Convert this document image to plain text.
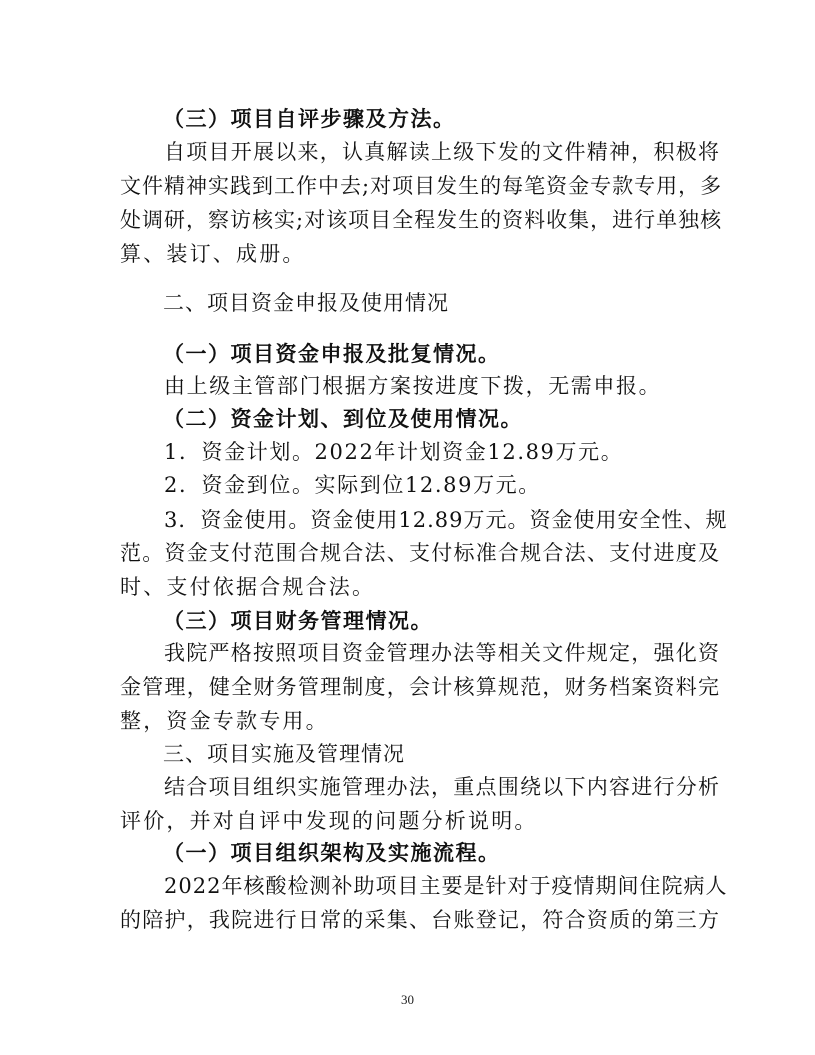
（三）项目自评步骤及方法。
自项目开展以来，认真解读上级下发的文件精神，积极将
文件精神实践到工作中去;对项目发生的每笔资金专款专用，多
处调研，察访核实;对该项目全程发生的资料收集，进行单独核
算、装订、成册。
二、项目资金申报及使用情况
（一）项目资金申报及批复情况。
由上级主管部门根据方案按进度下拨，无需申报。
（二）资金计划、到位及使用情况。
1．资金计划。2022年计划资金12.89万元。
2．资金到位。实际到位12.89万元。
3．资金使用。资金使用12.89万元。资金使用安全性、规
范。资金支付范围合规合法、支付标准合规合法、支付进度及
时、支付依据合规合法。
（三）项目财务管理情况。
我院严格按照项目资金管理办法等相关文件规定，强化资
金管理，健全财务管理制度，会计核算规范，财务档案资料完
整，资金专款专用。
三、项目实施及管理情况
结合项目组织实施管理办法，重点围绕以下内容进行分析
评价，并对自评中发现的问题分析说明。
（一）项目组织架构及实施流程。
2022年核酸检测补助项目主要是针对于疫情期间住院病人
的陪护，我院进行日常的采集、台账登记，符合资质的第三方
30
